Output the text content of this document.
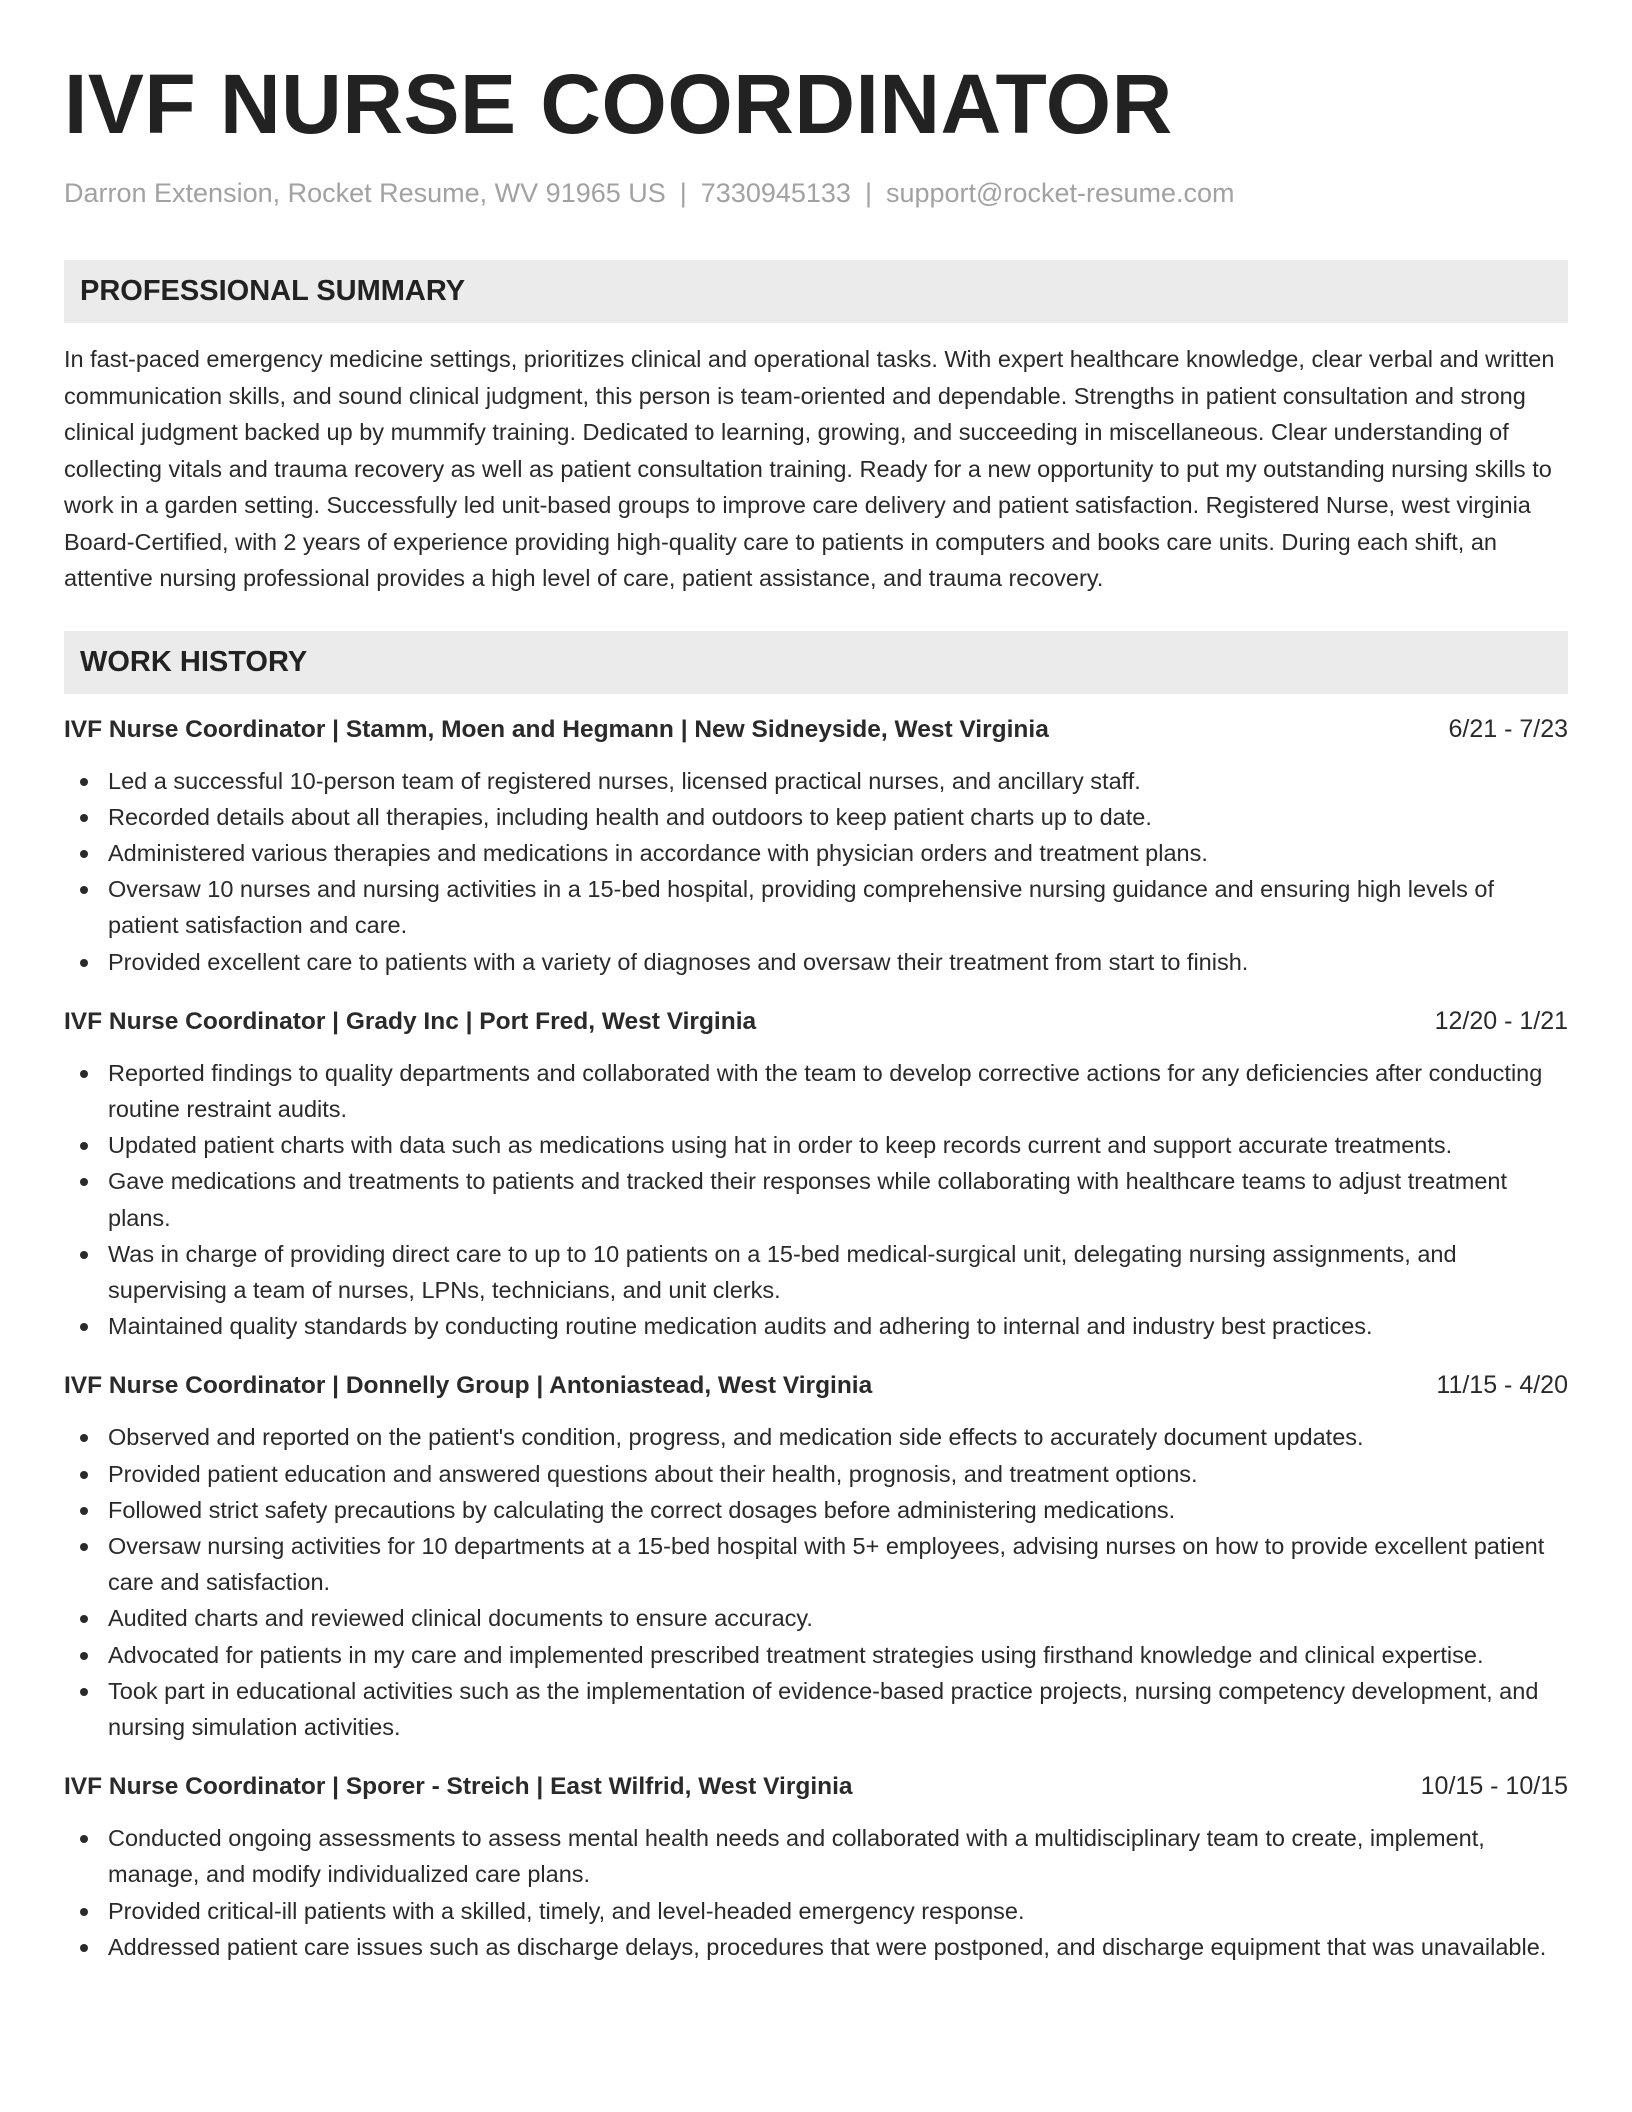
IVF NURSE COORDINATOR
Darron Extension, Rocket Resume, WV 91965 US | 7330945133 | support@rocket-resume.com
PROFESSIONAL SUMMARY

In fast-paced emergency medicine settings, prioritizes clinical and operational tasks. With expert healthcare knowledge, clear verbal and written communication skills, and sound clinical judgment, this person is team-oriented and dependable. Strengths in patient consultation and strong clinical judgment backed up by mummify training. Dedicated to learning, growing, and succeeding in miscellaneous. Clear understanding of collecting vitals and trauma recovery as well as patient consultation training. Ready for a new opportunity to put my outstanding nursing skills to work in a garden setting. Successfully led unit-based groups to improve care delivery and patient satisfaction. Registered Nurse, west virginia Board-Certified, with 2 years of experience providing high-quality care to patients in computers and books care units. During each shift, an attentive nursing professional provides a high level of care, patient assistance, and trauma recovery.

WORK HISTORY
IVF Nurse Coordinator | Stamm, Moen and Hegmann | New Sidneyside, West Virginia	6/21 - 7/23
Led a successful 10-person team of registered nurses, licensed practical nurses, and ancillary staff.
Recorded details about all therapies, including health and outdoors to keep patient charts up to date.
Administered various therapies and medications in accordance with physician orders and treatment plans.
Oversaw 10 nurses and nursing activities in a 15-bed hospital, providing comprehensive nursing guidance and ensuring high levels of patient satisfaction and care.
Provided excellent care to patients with a variety of diagnoses and oversaw their treatment from start to finish.
IVF Nurse Coordinator | Grady Inc | Port Fred, West Virginia	12/20 - 1/21
Reported findings to quality departments and collaborated with the team to develop corrective actions for any deficiencies after conducting routine restraint audits.
Updated patient charts with data such as medications using hat in order to keep records current and support accurate treatments.
Gave medications and treatments to patients and tracked their responses while collaborating with healthcare teams to adjust treatment plans.
Was in charge of providing direct care to up to 10 patients on a 15-bed medical-surgical unit, delegating nursing assignments, and supervising a team of nurses, LPNs, technicians, and unit clerks.
Maintained quality standards by conducting routine medication audits and adhering to internal and industry best practices.
IVF Nurse Coordinator | Donnelly Group | Antoniastead, West Virginia	11/15 - 4/20
Observed and reported on the patient's condition, progress, and medication side effects to accurately document updates.
Provided patient education and answered questions about their health, prognosis, and treatment options.
Followed strict safety precautions by calculating the correct dosages before administering medications.
Oversaw nursing activities for 10 departments at a 15-bed hospital with 5+ employees, advising nurses on how to provide excellent patient care and satisfaction.
Audited charts and reviewed clinical documents to ensure accuracy.
Advocated for patients in my care and implemented prescribed treatment strategies using firsthand knowledge and clinical expertise.
Took part in educational activities such as the implementation of evidence-based practice projects, nursing competency development, and nursing simulation activities.
IVF Nurse Coordinator | Sporer - Streich | East Wilfrid, West Virginia	10/15 - 10/15
Conducted ongoing assessments to assess mental health needs and collaborated with a multidisciplinary team to create, implement, manage, and modify individualized care plans.
Provided critical-ill patients with a skilled, timely, and level-headed emergency response.
Addressed patient care issues such as discharge delays, procedures that were postponed, and discharge equipment that was unavailable.
